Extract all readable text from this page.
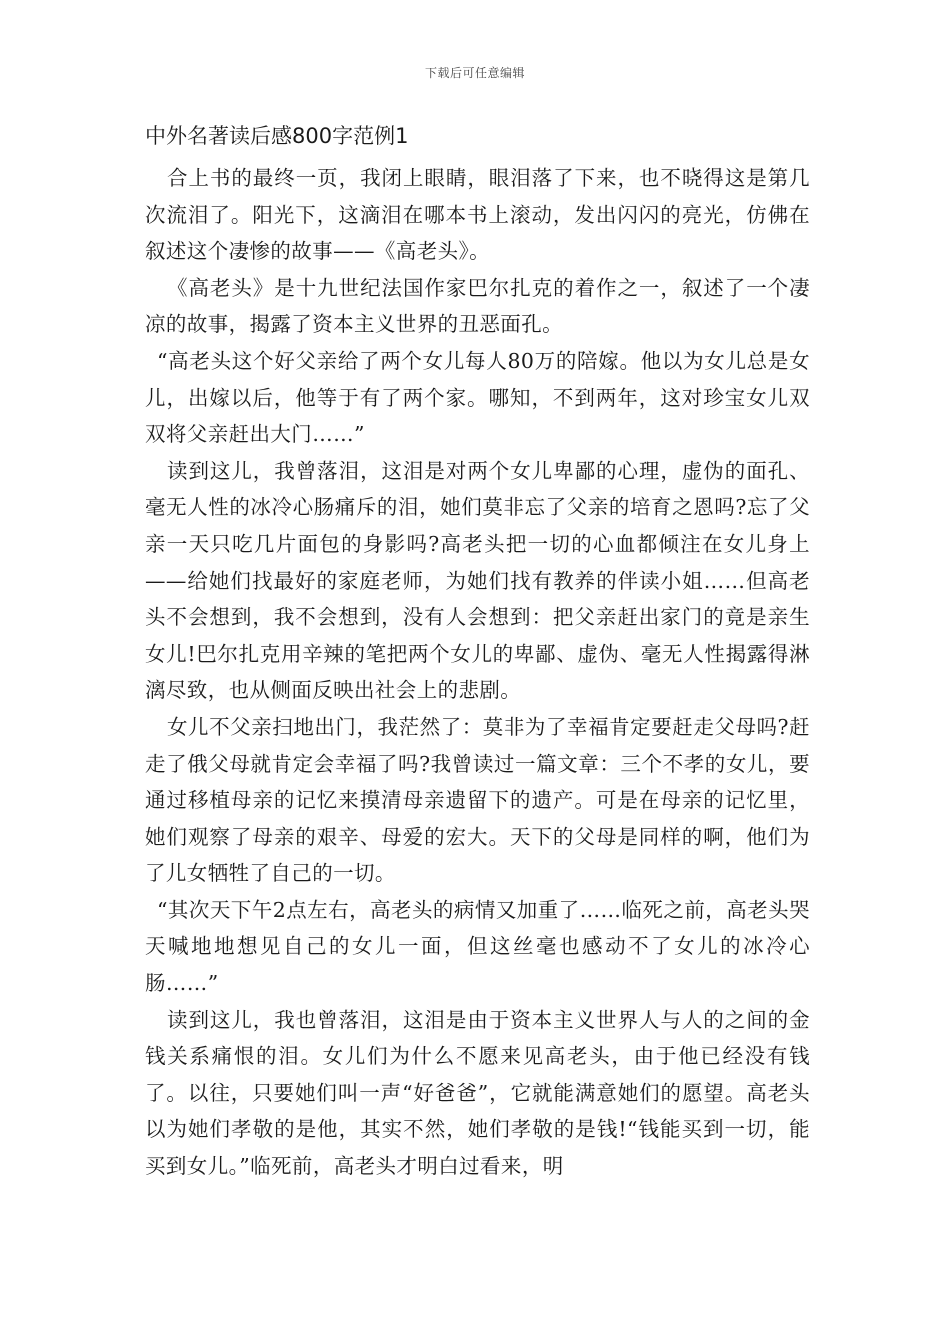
下载后可任意编辑
中外名著读后感800字范例1

合上书的最终一页，我闭上眼睛，眼泪落了下来，也不晓得这是第几次流泪了。阳光下，这滴泪在哪本书上滚动，发出闪闪的亮光，仿佛在叙述这个凄惨的故事——《高老头》。

《高老头》是十九世纪法国作家巴尔扎克的着作之一，叙述了一个凄凉的故事，揭露了资本主义世界的丑恶面孔。

“高老头这个好父亲给了两个女儿每人80万的陪嫁。他以为女儿总是女儿，出嫁以后，他等于有了两个家。哪知，不到两年，这对珍宝女儿双双将父亲赶出大门……”

读到这儿，我曾落泪，这泪是对两个女儿卑鄙的心理，虚伪的面孔、毫无人性的冰冷心肠痛斥的泪，她们莫非忘了父亲的培育之恩吗?忘了父亲一天只吃几片面包的身影吗?高老头把一切的心血都倾注在女儿身上——给她们找最好的家庭老师，为她们找有教养的伴读小姐……但高老头不会想到，我不会想到，没有人会想到：把父亲赶出家门的竟是亲生女儿!巴尔扎克用辛辣的笔把两个女儿的卑鄙、虚伪、毫无人性揭露得淋漓尽致，也从侧面反映出社会上的悲剧。

女儿不父亲扫地出门，我茫然了：莫非为了幸福肯定要赶走父母吗?赶走了俄父母就肯定会幸福了吗?我曾读过一篇文章：三个不孝的女儿，要通过移植母亲的记忆来摸清母亲遗留下的遗产。可是在母亲的记忆里，她们观察了母亲的艰辛、母爱的宏大。天下的父母是同样的啊，他们为了儿女牺牲了自己的一切。

“其次天下午2点左右，高老头的病情又加重了……临死之前，高老头哭天喊地地想见自己的女儿一面，但这丝毫也感动不了女儿的冰冷心肠……”

读到这儿，我也曾落泪，这泪是由于资本主义世界人与人的之间的金钱关系痛恨的泪。女儿们为什么不愿来见高老头，由于他已经没有钱了。以往，只要她们叫一声“好爸爸”，它就能满意她们的愿望。高老头以为她们孝敬的是他，其实不然，她们孝敬的是钱!“钱能买到一切，能买到女儿。”临死前，高老头才明白过看来，明
